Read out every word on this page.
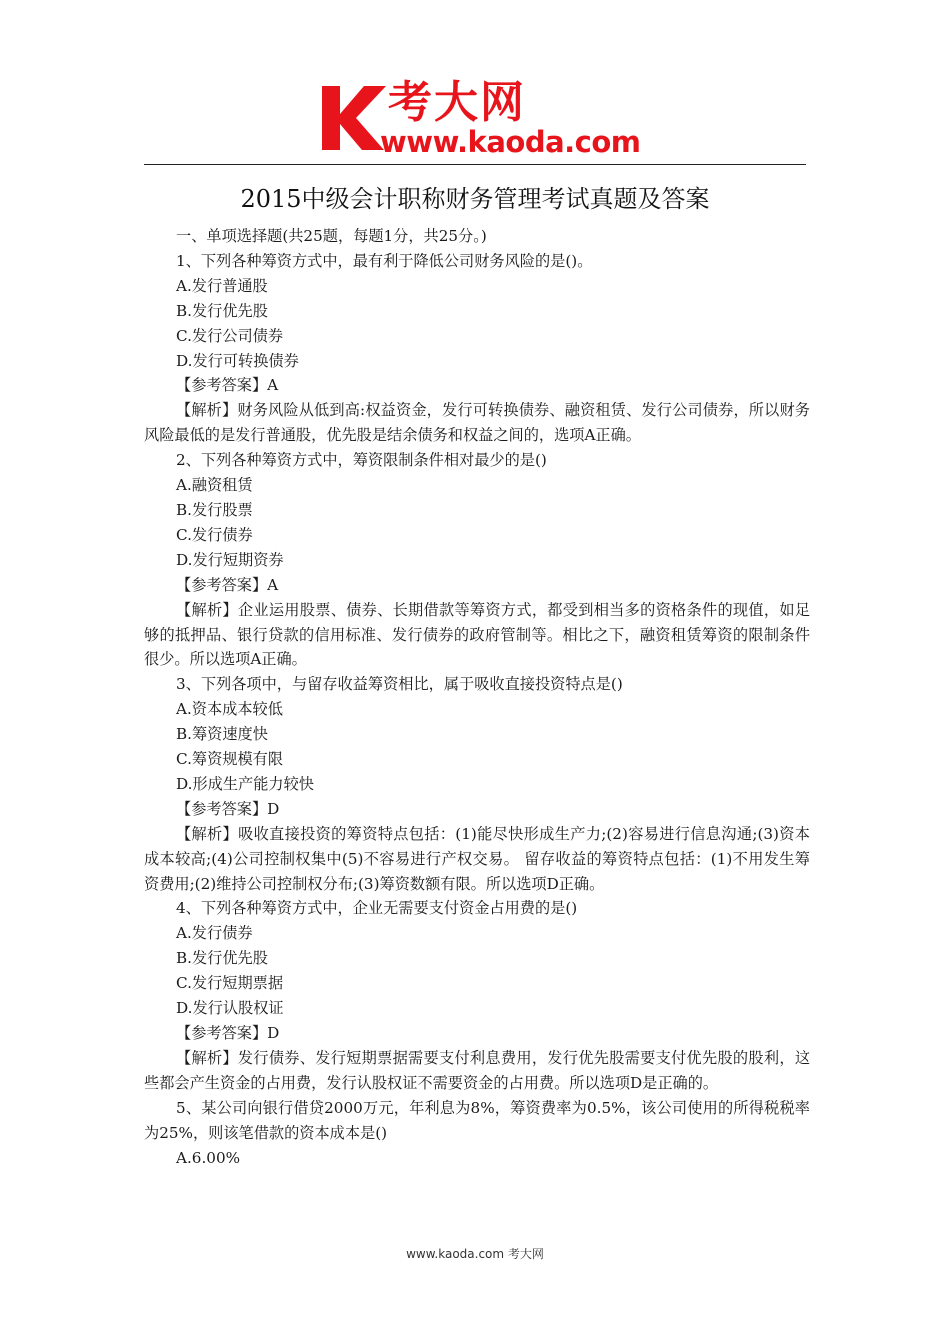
考大网
www.kaoda.com
2015中级会计职称财务管理考试真题及答案

一、单项选择题(共25题，每题1分，共25分。)

1、下列各种筹资方式中，最有利于降低公司财务风险的是()。

A.发行普通股

B.发行优先股

C.发行公司债券

D.发行可转换债券

【参考答案】A

【解析】财务风险从低到高:权益资金，发行可转换债券、融资租赁、发行公司债券，所以财务风险最低的是发行普通股，优先股是结余债务和权益之间的，选项A正确。

2、下列各种筹资方式中，筹资限制条件相对最少的是()

A.融资租赁

B.发行股票

C.发行债券

D.发行短期资券

【参考答案】A

【解析】企业运用股票、债券、长期借款等筹资方式，都受到相当多的资格条件的现值，如足够的抵押品、银行贷款的信用标准、发行债券的政府管制等。相比之下，融资租赁筹资的限制条件很少。所以选项A正确。

3、下列各项中，与留存收益筹资相比，属于吸收直接投资特点是()

A.资本成本较低

B.筹资速度快

C.筹资规模有限

D.形成生产能力较快

【参考答案】D

【解析】吸收直接投资的筹资特点包括：(1)能尽快形成生产力;(2)容易进行信息沟通;(3)资本成本较高;(4)公司控制权集中(5)不容易进行产权交易。 留存收益的筹资特点包括：(1)不用发生筹资费用;(2)维持公司控制权分布;(3)筹资数额有限。所以选项D正确。

4、下列各种筹资方式中，企业无需要支付资金占用费的是()

A.发行债券

B.发行优先股

C.发行短期票据

D.发行认股权证

【参考答案】D

【解析】发行债券、发行短期票据需要支付利息费用，发行优先股需要支付优先股的股利，这些都会产生资金的占用费，发行认股权证不需要资金的占用费。所以选项D是正确的。

5、某公司向银行借贷2000万元，年利息为8%，筹资费率为0.5%，该公司使用的所得税税率为25%，则该笔借款的资本成本是()

A.6.00%

www.kaoda.com 考大网
